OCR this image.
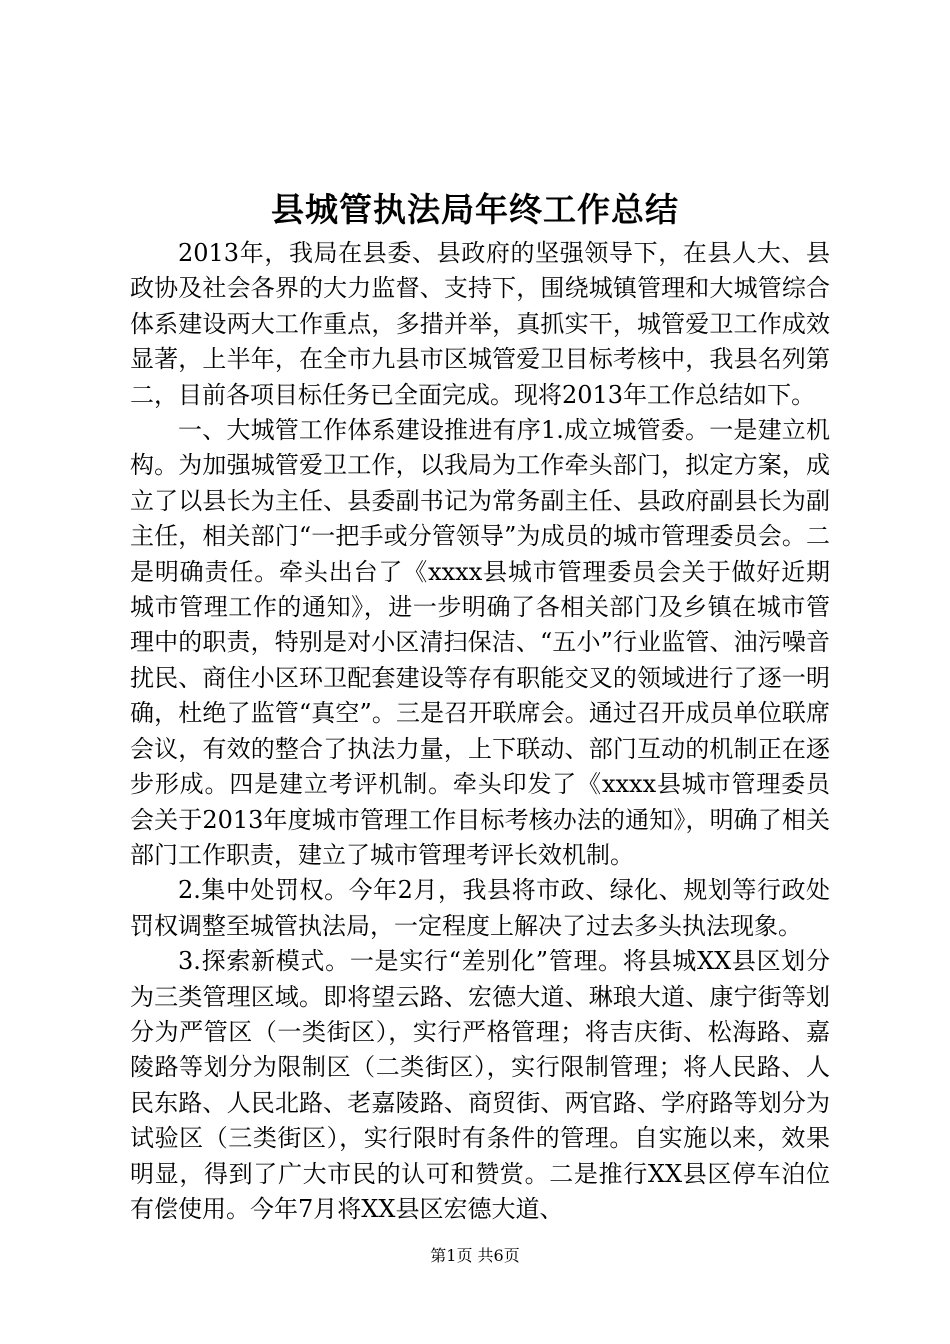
县城管执法局年终工作总结

2013年，我局在县委、县政府的坚强领导下，在县人大、县政协及社会各界的大力监督、支持下，围绕城镇管理和大城管综合体系建设两大工作重点，多措并举，真抓实干，城管爱卫工作成效显著，上半年，在全市九县市区城管爱卫目标考核中，我县名列第二，目前各项目标任务已全面完成。现将2013年工作总结如下。

一、大城管工作体系建设推进有序1.成立城管委。一是建立机构。为加强城管爱卫工作，以我局为工作牵头部门，拟定方案，成立了以县长为主任、县委副书记为常务副主任、县政府副县长为副主任，相关部门“一把手或分管领导”为成员的城市管理委员会。二是明确责任。牵头出台了《xxxx县城市管理委员会关于做好近期城市管理工作的通知》，进一步明确了各相关部门及乡镇在城市管理中的职责，特别是对小区清扫保洁、“五小”行业监管、油污噪音扰民、商住小区环卫配套建设等存有职能交叉的领域进行了逐一明确，杜绝了监管“真空”。三是召开联席会。通过召开成员单位联席会议，有效的整合了执法力量，上下联动、部门互动的机制正在逐步形成。四是建立考评机制。牵头印发了《xxxx县城市管理委员会关于2013年度城市管理工作目标考核办法的通知》，明确了相关部门工作职责，建立了城市管理考评长效机制。

2.集中处罚权。今年2月，我县将市政、绿化、规划等行政处罚权调整至城管执法局，一定程度上解决了过去多头执法现象。

3.探索新模式。一是实行“差别化”管理。将县城XX县区划分为三类管理区域。即将望云路、宏德大道、琳琅大道、康宁街等划分为严管区（一类街区），实行严格管理；将吉庆街、松海路、嘉陵路等划分为限制区（二类街区），实行限制管理；将人民路、人民东路、人民北路、老嘉陵路、商贸街、两官路、学府路等划分为试验区（三类街区），实行限时有条件的管理。自实施以来，效果明显，得到了广大市民的认可和赞赏。二是推行XX县区停车泊位有偿使用。今年7月将XX县区宏德大道、

第1页 共6页
